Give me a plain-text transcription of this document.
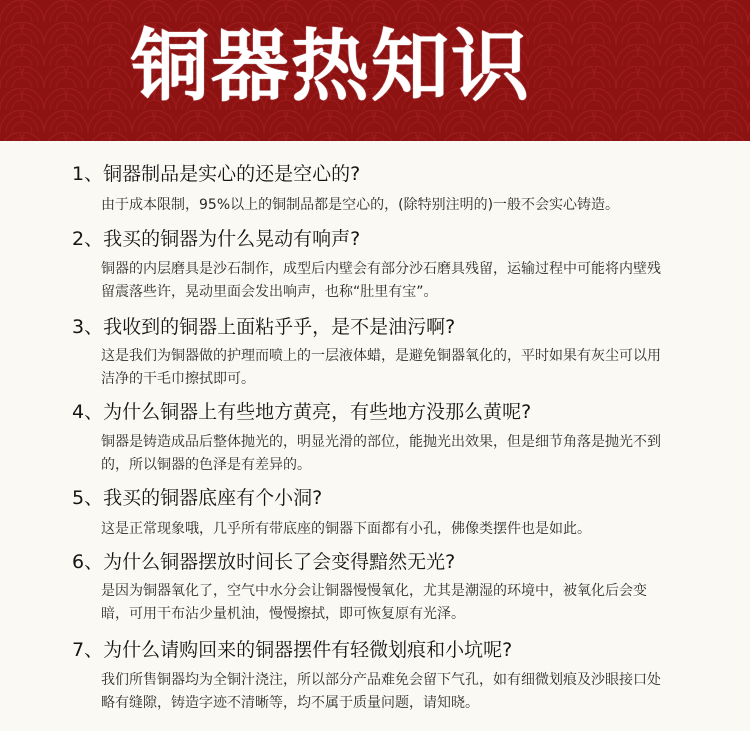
铜器热知识
1、铜器制品是实心的还是空心的?
由于成本限制，95%以上的铜制品都是空心的，(除特别注明的)一般不会实心铸造。
2、我买的铜器为什么晃动有响声?
铜器的内层磨具是沙石制作，成型后内壁会有部分沙石磨具残留，运输过程中可能将内壁残留震落些许，晃动里面会发出响声，也称“肚里有宝”。
3、我收到的铜器上面粘乎乎，是不是油污啊?
这是我们为铜器做的护理而喷上的一层液体蜡，是避免铜器氧化的，平时如果有灰尘可以用洁净的干毛巾擦拭即可。
4、为什么铜器上有些地方黄亮，有些地方没那么黄呢?
铜器是铸造成品后整体抛光的，明显光滑的部位，能抛光出效果，但是细节角落是抛光不到的，所以铜器的色泽是有差异的。
5、我买的铜器底座有个小洞?
这是正常现象哦，几乎所有带底座的铜器下面都有小孔，佛像类摆件也是如此。
6、为什么铜器摆放时间长了会变得黯然无光?
是因为铜器氧化了，空气中水分会让铜器慢慢氧化，尤其是潮湿的环境中，被氧化后会变暗，可用干布沾少量机油，慢慢擦拭，即可恢复原有光泽。
7、为什么请购回来的铜器摆件有轻微划痕和小坑呢?
我们所售铜器均为全铜汁浇注，所以部分产品难免会留下气孔，如有细微划痕及沙眼接口处略有缝隙，铸造字迹不清晰等，均不属于质量问题，请知晓。
